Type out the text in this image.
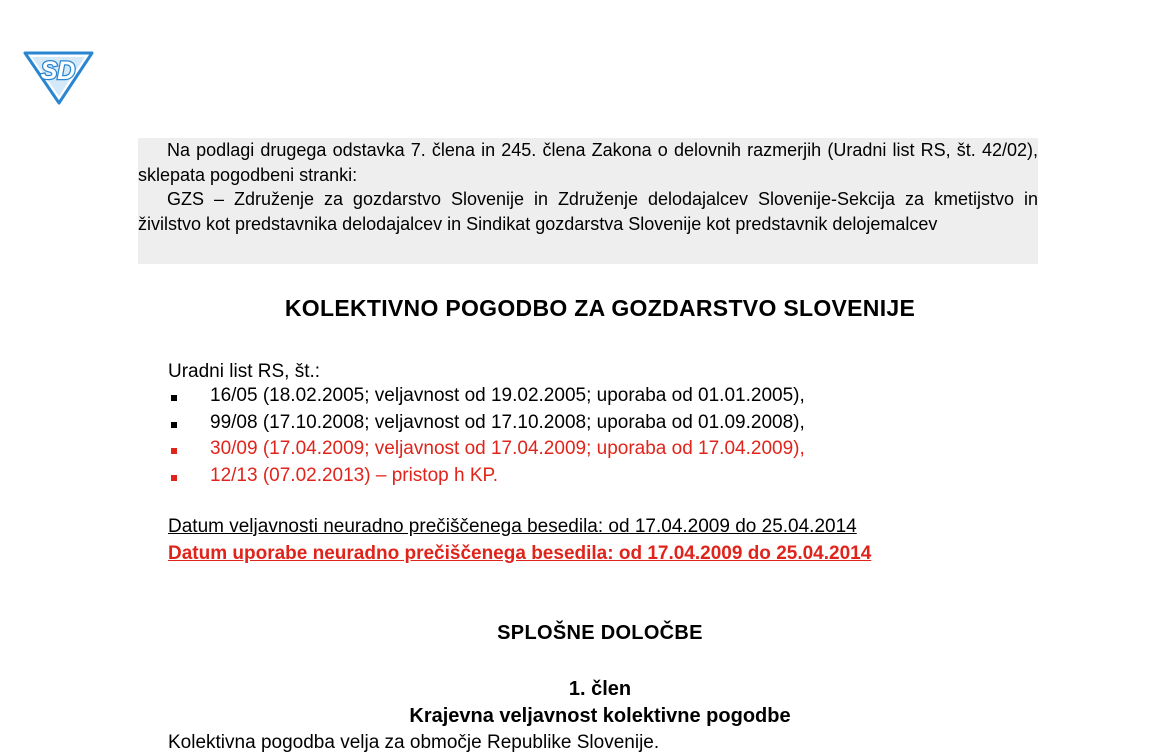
SD

Na podlagi drugega odstavka 7. člena in 245. člena Zakona o delovnih razmerjih (Uradni list RS, št. 42/02), sklepata pogodbeni stranki:

GZS – Združenje za gozdarstvo Slovenije in Združenje delodajalcev Slovenije-Sekcija za kmetijstvo in živilstvo kot predstavnika delodajalcev in Sindikat gozdarstva Slovenije kot predstavnik delojemalcev

KOLEKTIVNO POGODBO ZA GOZDARSTVO SLOVENIJE
Uradni list RS, št.:
16/05 (18.02.2005; veljavnost od 19.02.2005; uporaba od 01.01.2005),
99/08 (17.10.2008; veljavnost od 17.10.2008; uporaba od 01.09.2008),
30/09 (17.04.2009; veljavnost od 17.04.2009; uporaba od 17.04.2009),
12/13 (07.02.2013) – pristop h KP.
Datum veljavnosti neuradno prečiščenega besedila: od 17.04.2009 do 25.04.2014
Datum uporabe neuradno prečiščenega besedila: od 17.04.2009 do 25.04.2014
SPLOŠNE DOLOČBE
1. člen
Krajevna veljavnost kolektivne pogodbe
Kolektivna pogodba velja za območje Republike Slovenije.
